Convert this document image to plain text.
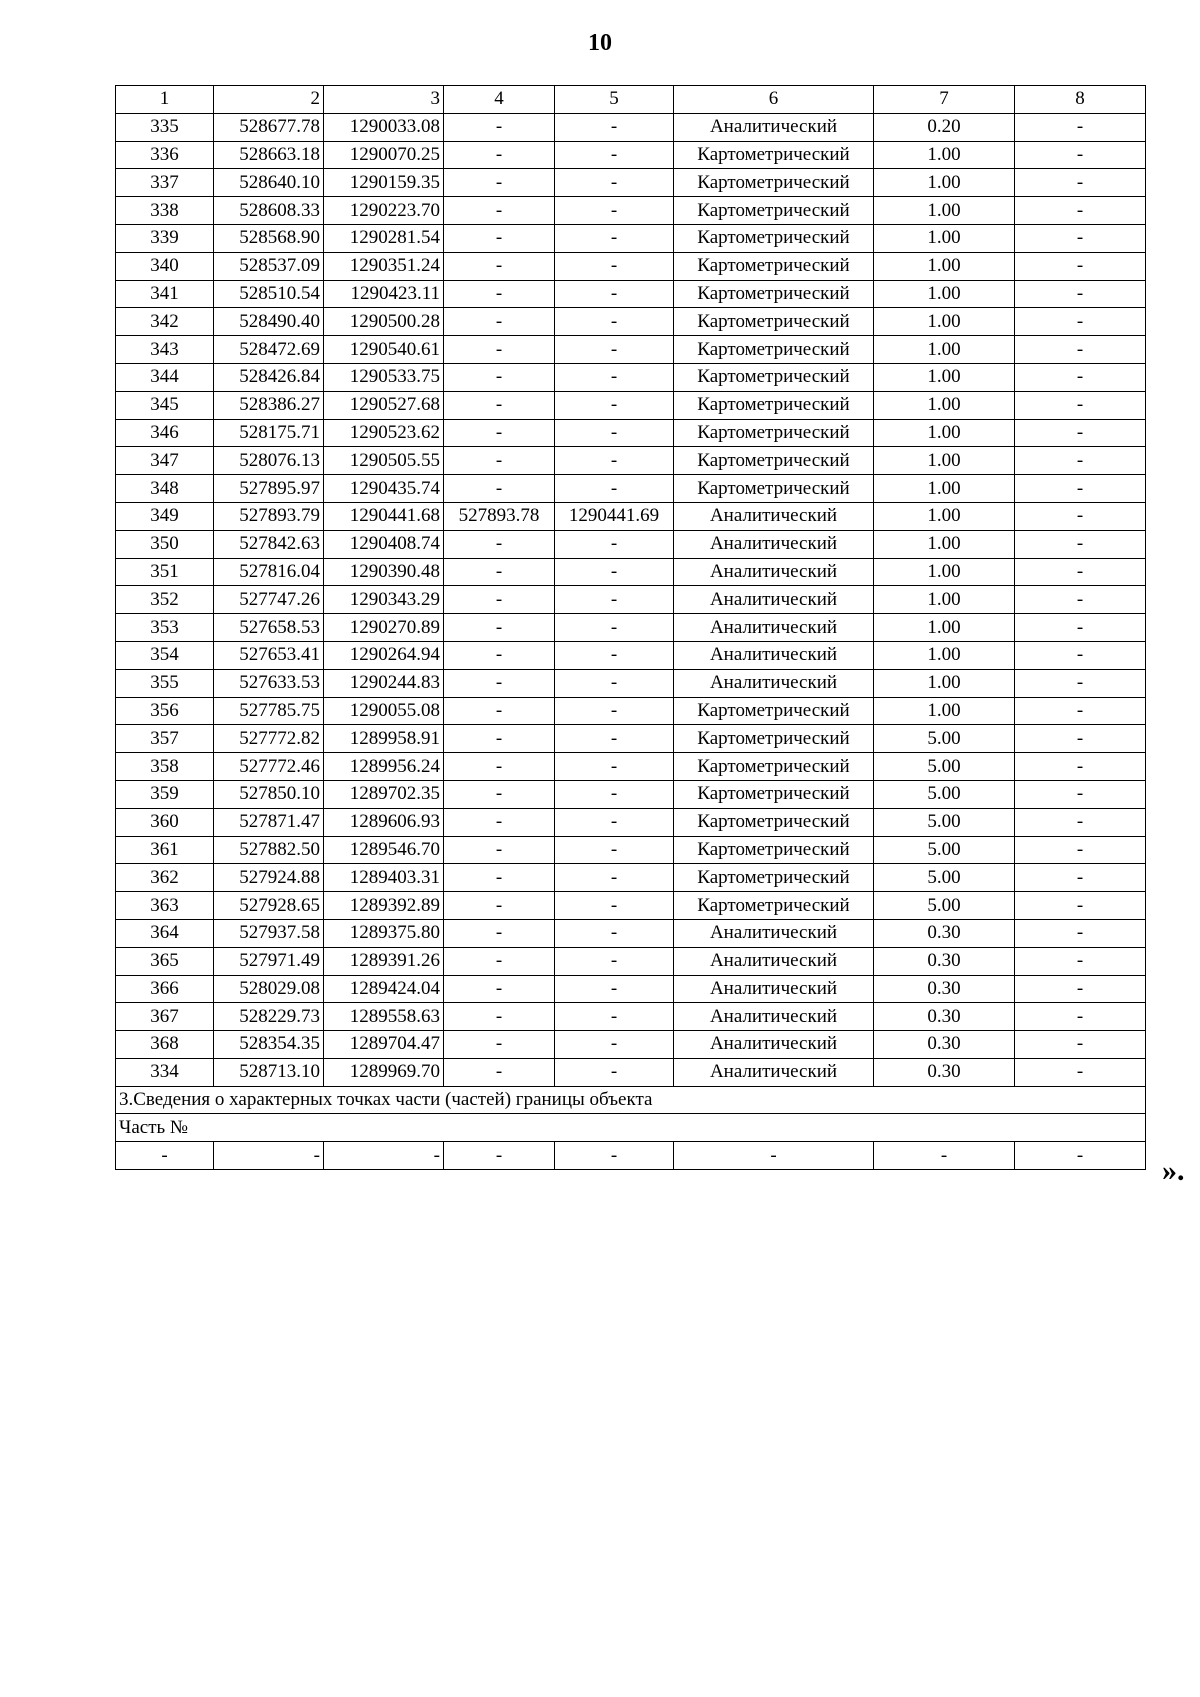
10
1	2	3	4	5	6	7	8
335	528677.78	1290033.08	-	-	Аналитический	0.20	-
336	528663.18	1290070.25	-	-	Картометрический	1.00	-
337	528640.10	1290159.35	-	-	Картометрический	1.00	-
338	528608.33	1290223.70	-	-	Картометрический	1.00	-
339	528568.90	1290281.54	-	-	Картометрический	1.00	-
340	528537.09	1290351.24	-	-	Картометрический	1.00	-
341	528510.54	1290423.11	-	-	Картометрический	1.00	-
342	528490.40	1290500.28	-	-	Картометрический	1.00	-
343	528472.69	1290540.61	-	-	Картометрический	1.00	-
344	528426.84	1290533.75	-	-	Картометрический	1.00	-
345	528386.27	1290527.68	-	-	Картометрический	1.00	-
346	528175.71	1290523.62	-	-	Картометрический	1.00	-
347	528076.13	1290505.55	-	-	Картометрический	1.00	-
348	527895.97	1290435.74	-	-	Картометрический	1.00	-
349	527893.79	1290441.68	527893.78	1290441.69	Аналитический	1.00	-
350	527842.63	1290408.74	-	-	Аналитический	1.00	-
351	527816.04	1290390.48	-	-	Аналитический	1.00	-
352	527747.26	1290343.29	-	-	Аналитический	1.00	-
353	527658.53	1290270.89	-	-	Аналитический	1.00	-
354	527653.41	1290264.94	-	-	Аналитический	1.00	-
355	527633.53	1290244.83	-	-	Аналитический	1.00	-
356	527785.75	1290055.08	-	-	Картометрический	1.00	-
357	527772.82	1289958.91	-	-	Картометрический	5.00	-
358	527772.46	1289956.24	-	-	Картометрический	5.00	-
359	527850.10	1289702.35	-	-	Картометрический	5.00	-
360	527871.47	1289606.93	-	-	Картометрический	5.00	-
361	527882.50	1289546.70	-	-	Картометрический	5.00	-
362	527924.88	1289403.31	-	-	Картометрический	5.00	-
363	527928.65	1289392.89	-	-	Картометрический	5.00	-
364	527937.58	1289375.80	-	-	Аналитический	0.30	-
365	527971.49	1289391.26	-	-	Аналитический	0.30	-
366	528029.08	1289424.04	-	-	Аналитический	0.30	-
367	528229.73	1289558.63	-	-	Аналитический	0.30	-
368	528354.35	1289704.47	-	-	Аналитический	0.30	-
334	528713.10	1289969.70	-	-	Аналитический	0.30	-
3.Сведения о характерных точках части (частей) границы объекта							
Часть №							
-	-	-	-	-	-	-	-	».
